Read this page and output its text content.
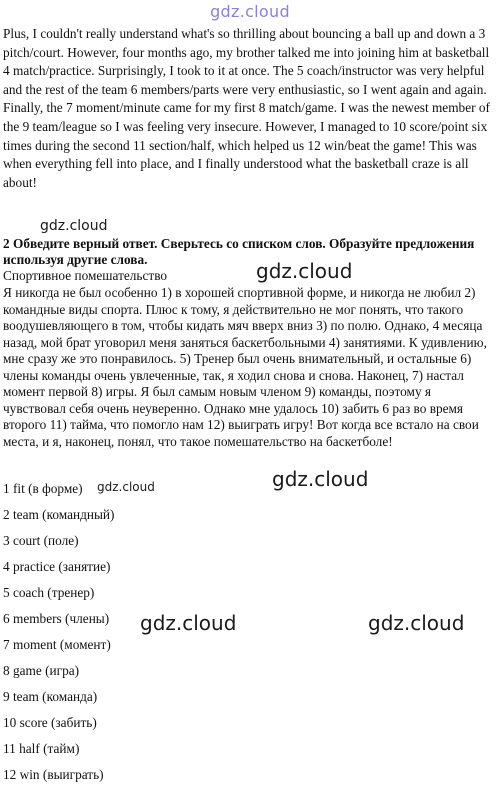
gdz.cloud

Plus, I couldn't really understand what's so thrilling about bouncing a ball up and down a 3 pitch/court. However, four months ago, my brother talked me into joining him at basketball 4 match/practice. Surprisingly, I took to it at once. The 5 coach/instructor was very helpful and the rest of the team 6 members/parts were very enthusiastic, so I went again and again. Finally, the 7 moment/minute came for my first 8 match/game. I was the newest member of the 9 team/league so I was feeling very insecure. However, I managed to 10 score/point six times during the second 11 section/half, which helped us 12 win/beat the game! This was when everything fell into place, and I finally understood what the basketball craze is all about!

gdz.cloud

2 Обведите верный ответ. Сверьтесь со списком слов. Образуйте предложения используя другие слова.

Спортивное помешательство	gdz.cloud

Я никогда не был особенно 1) в хорошей спортивной форме, и никогда не любил 2) командные виды спорта. Плюс к тому, я действительно не мог понять, что такого воодушевляющего в том, чтобы кидать мяч вверх вниз 3) по полю. Однако, 4 месяца назад, мой брат уговорил меня заняться баскетбольными 4) занятиями. К удивлению, мне сразу же это понравилось. 5) Тренер был очень внимательный, и остальные 6) члены команды очень увлеченные, так, я ходил снова и снова. Наконец, 7) настал момент первой 8) игры. Я был самым новым членом 9) команды, поэтому я чувствовал себя очень неуверенно. Однако мне удалось 10) забить 6 раз во время второго 11) тайма, что помогло нам 12) выиграть игру! Вот когда все встало на свои места, и я, наконец, понял, что такое помешательство на баскетболе!

gdz.cloud
gdz.cloud
1 fit (в форме)
2 team (командный)
3 court (поле)
4 practice (занятие)
5 coach (тренер)
6 members (члены)
7 moment (момент)
8 game (игра)
9 team (команда)
10 score (забить)
11 half (тайм)
12 win (выиграть)
gdz.cloud	gdz.cloud
